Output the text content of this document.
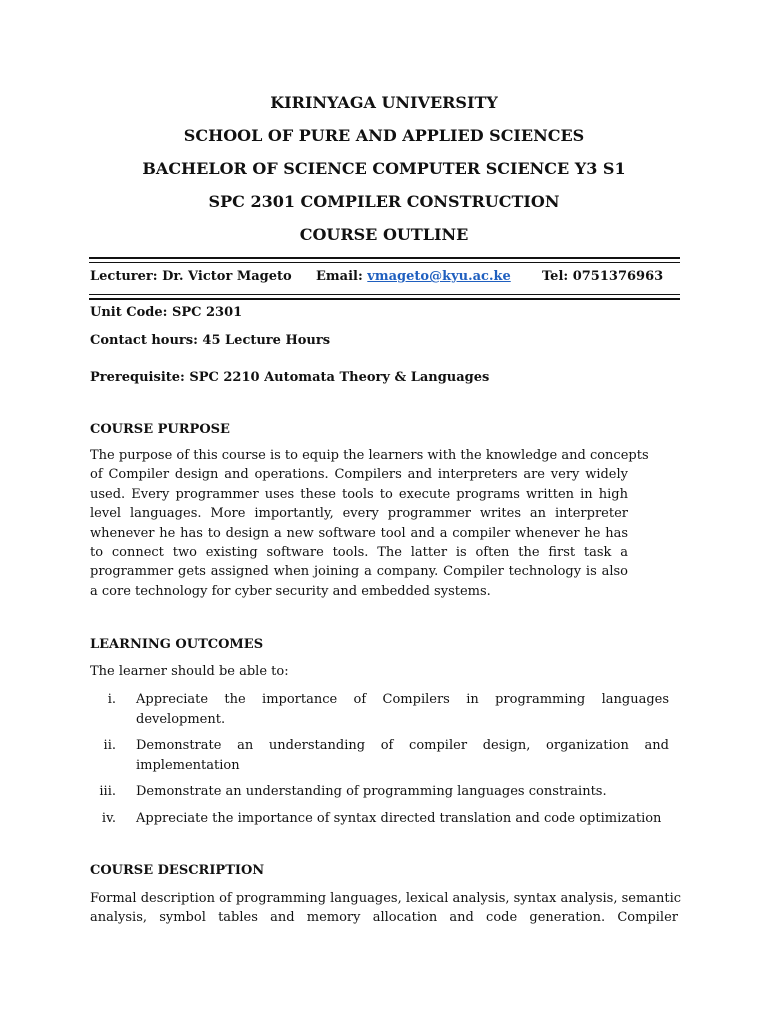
KIRINYAGA UNIVERSITY
SCHOOL OF PURE AND APPLIED SCIENCES
BACHELOR OF SCIENCE COMPUTER SCIENCE Y3 S1
SPC 2301 COMPILER CONSTRUCTION
COURSE OUTLINE
Lecturer: Dr. Victor Mageto Email: vmageto@kyu.ac.ke Tel: 0751376963
Unit Code: SPC 2301
Contact hours: 45 Lecture Hours
Prerequisite: SPC 2210 Automata Theory & Languages
COURSE PURPOSE
The purpose of this course is to equip the learners with the knowledge and concepts
of Compiler design and operations. Compilers and interpreters are very widely
used. Every programmer uses these tools to execute programs written in high
level languages. More importantly, every programmer writes an interpreter
whenever he has to design a new software tool and a compiler whenever he has
to connect two existing software tools. The latter is often the first task a
programmer gets assigned when joining a company. Compiler technology is also
a core technology for cyber security and embedded systems.
LEARNING OUTCOMES
The learner should be able to:
i. Appreciate the importance of Compilers in programming languages
development.
ii. Demonstrate an understanding of compiler design, organization and
implementation
iii. Demonstrate an understanding of programming languages constraints.
iv. Appreciate the importance of syntax directed translation and code optimization
COURSE DESCRIPTION
Formal description of programming languages, lexical analysis, syntax analysis, semantic
analysis, symbol tables and memory allocation and code generation. Compiler
